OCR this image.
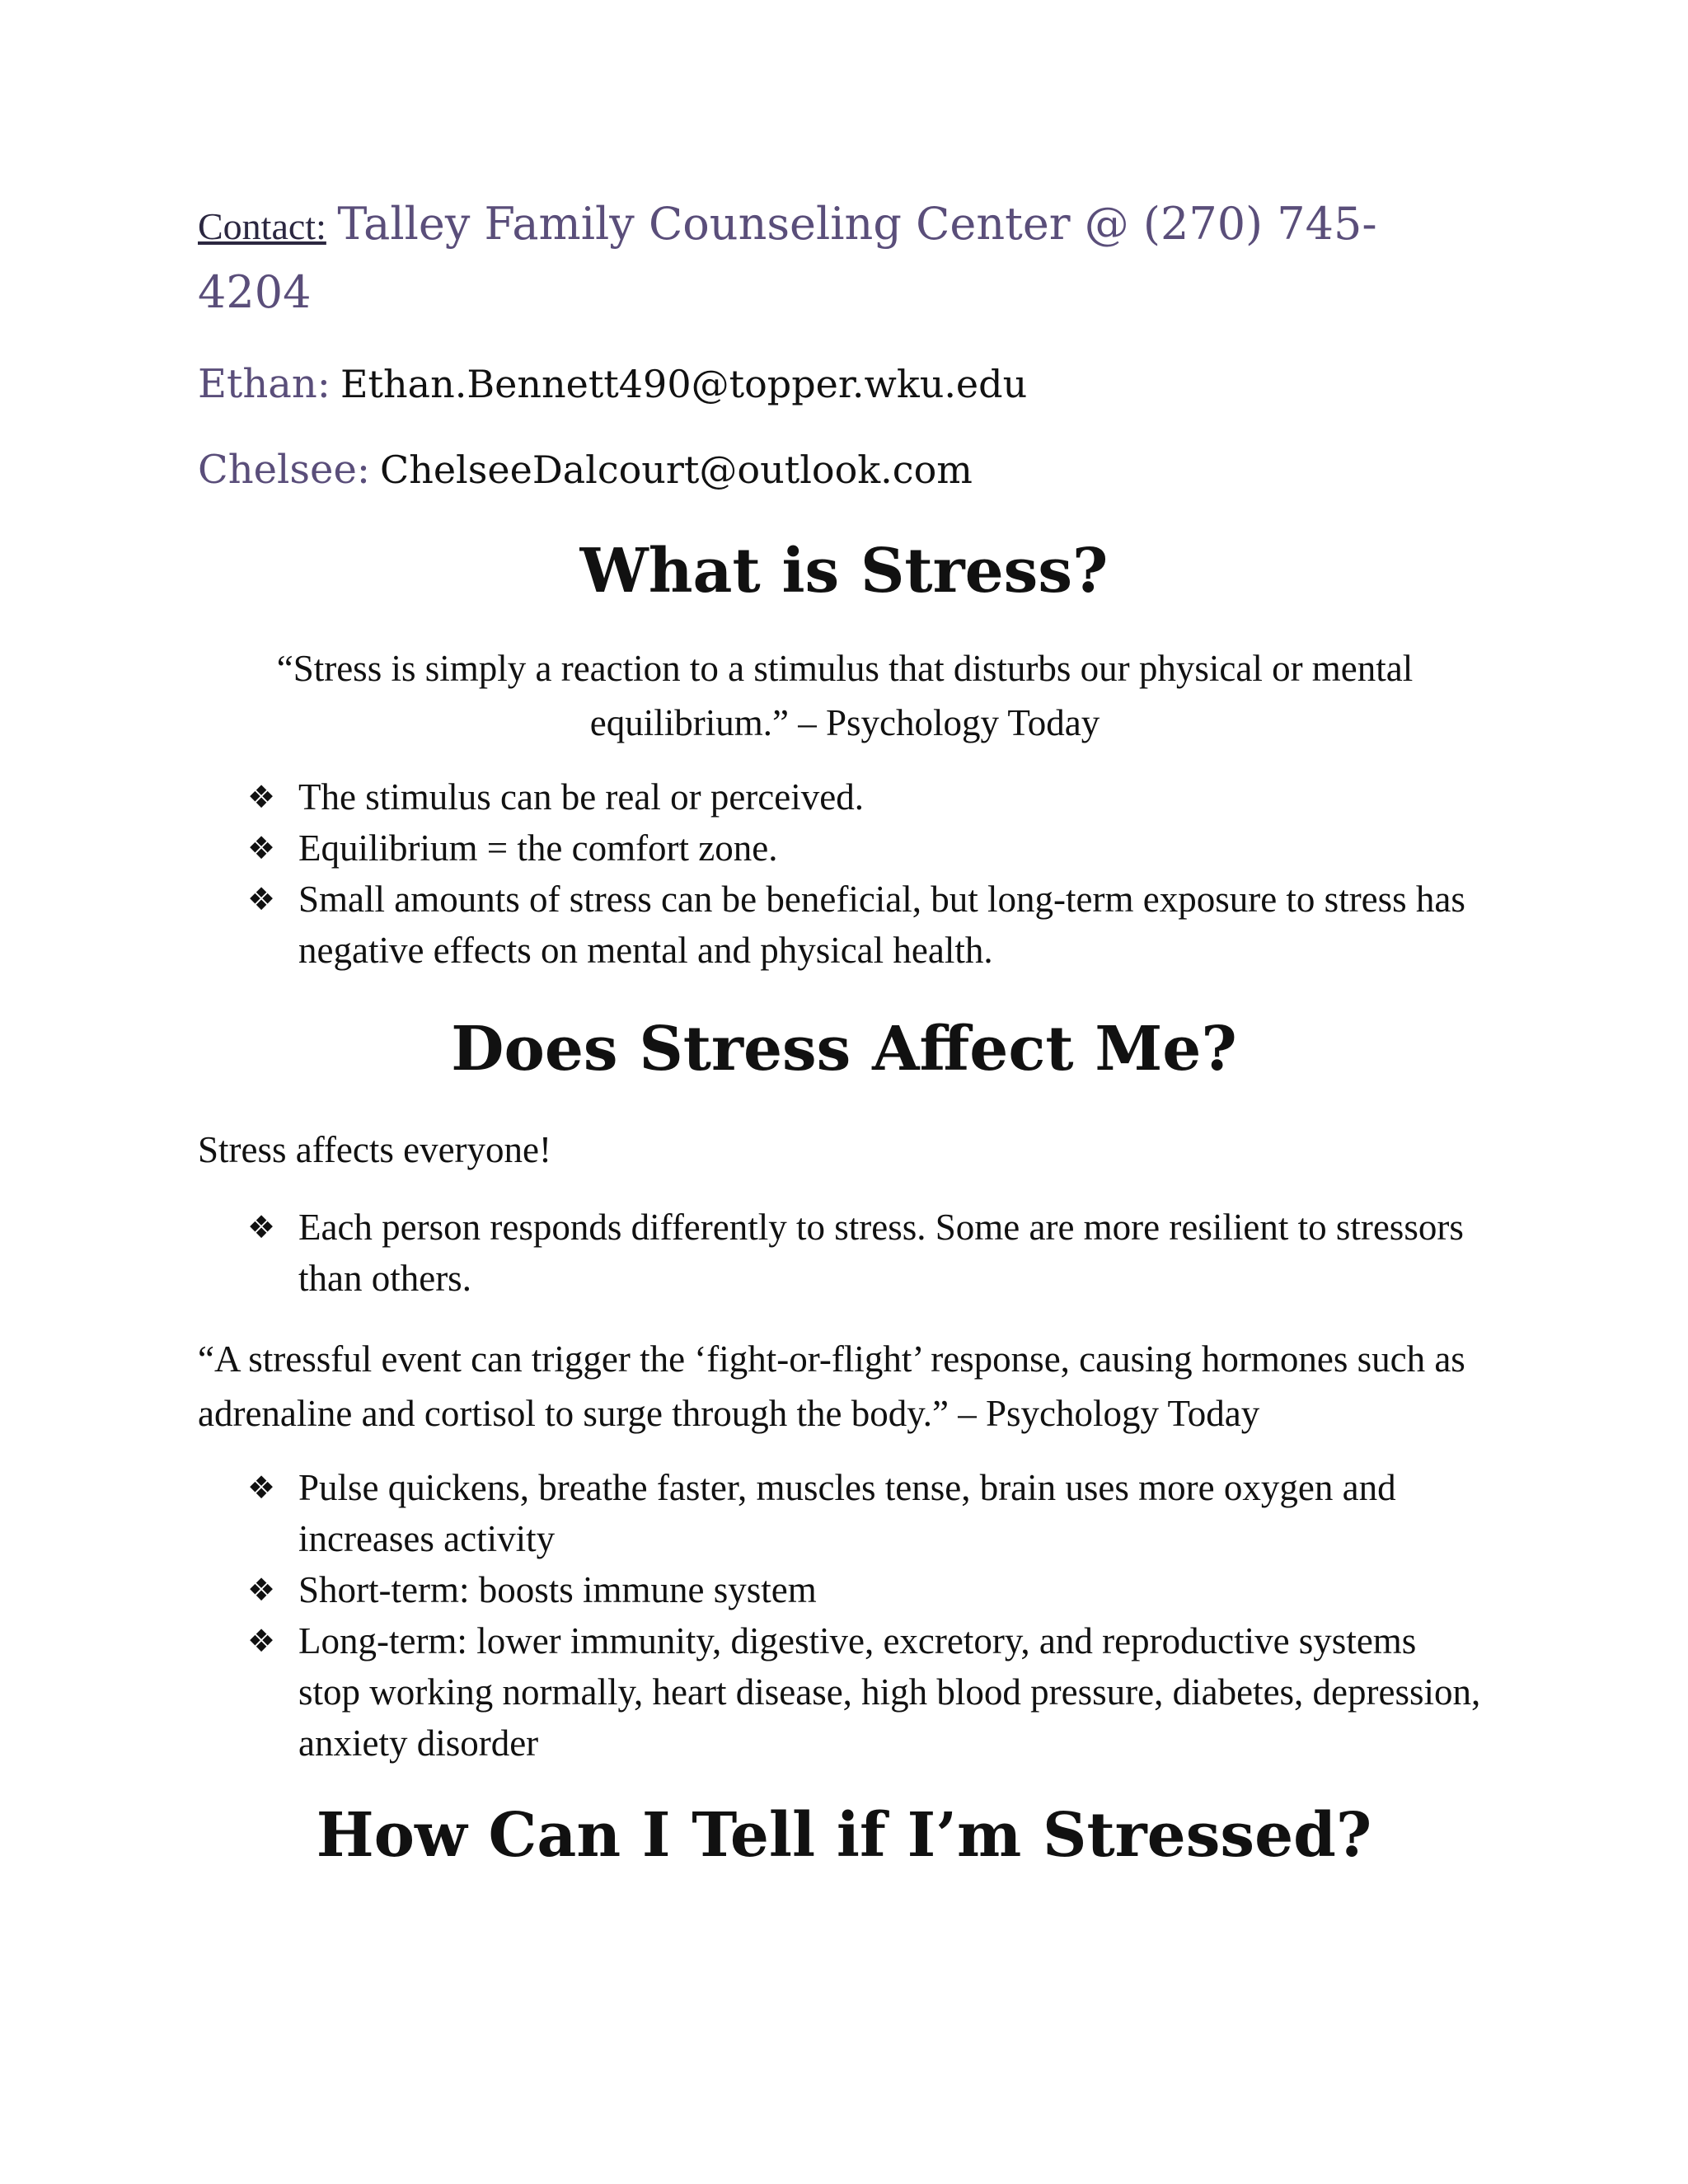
Contact: Talley Family Counseling Center @ (270) 745-4204

Ethan: Ethan.Bennett490@topper.wku.edu

Chelsee: ChelseeDalcourt@outlook.com

What is Stress?

“Stress is simply a reaction to a stimulus that disturbs our physical or mental equilibrium.” – Psychology Today

❖ The stimulus can be real or perceived.
❖ Equilibrium = the comfort zone.
❖ Small amounts of stress can be beneficial, but long-term exposure to stress has negative effects on mental and physical health.
Does Stress Affect Me?

Stress affects everyone!

❖ Each person responds differently to stress. Some are more resilient to stressors than others.

“A stressful event can trigger the ‘fight-or-flight’ response, causing hormones such as adrenaline and cortisol to surge through the body.” – Psychology Today

❖ Pulse quickens, breathe faster, muscles tense, brain uses more oxygen and increases activity
❖ Short-term: boosts immune system
❖ Long-term: lower immunity, digestive, excretory, and reproductive systems stop working normally, heart disease, high blood pressure, diabetes, depression, anxiety disorder
How Can I Tell if I’m Stressed?
